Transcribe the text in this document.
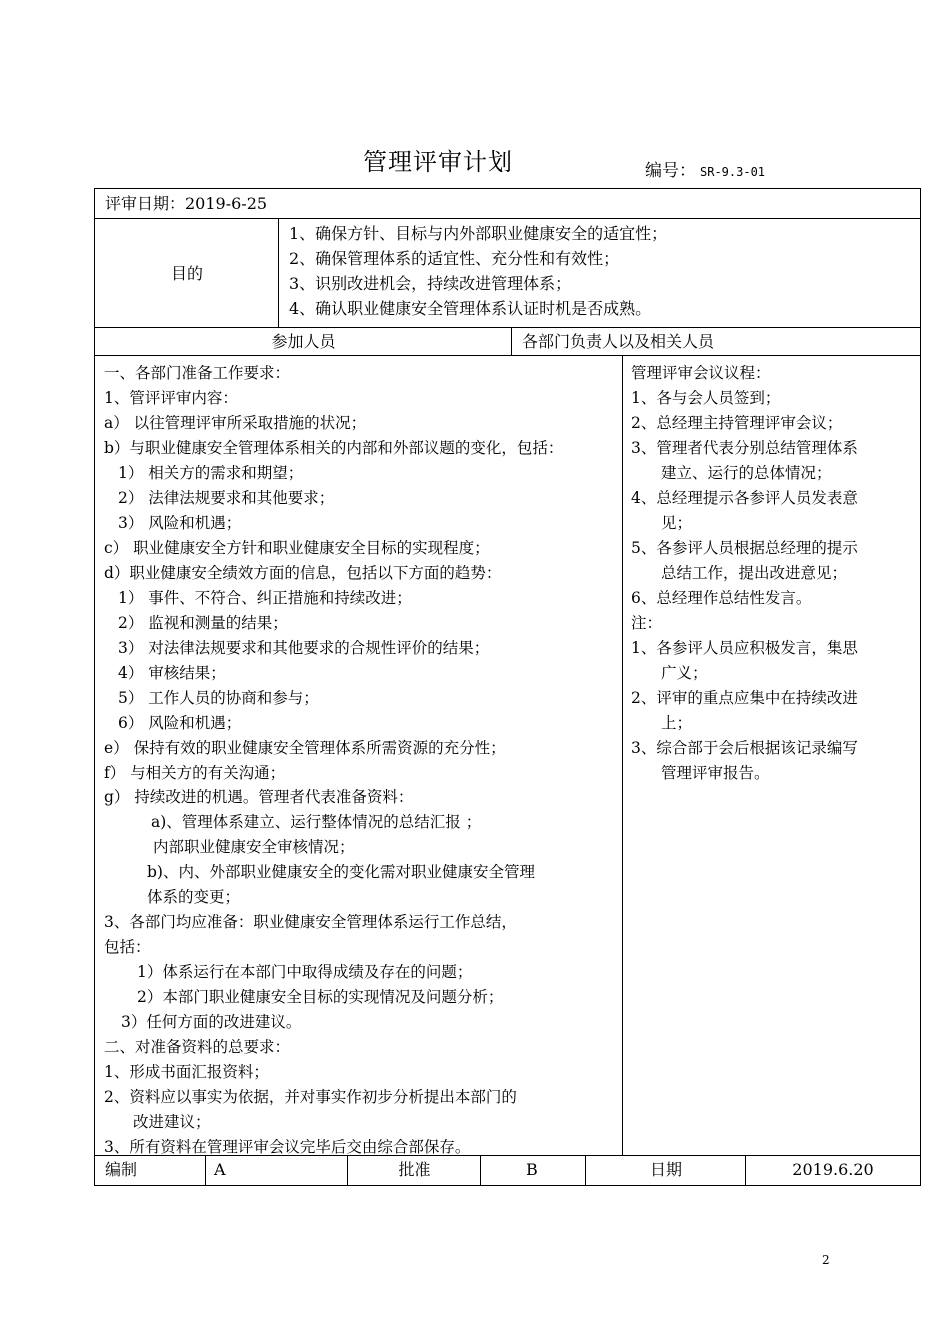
管理评审计划	编号： SR-9.3-01
评审日期：2019-6-25
目的
1、确保方针、目标与内外部职业健康安全的适宜性；
2、确保管理体系的适宜性、充分性和有效性；
3、识别改进机会，持续改进管理体系；
4、确认职业健康安全管理体系认证时机是否成熟。
参加人员	各部门负责人以及相关人员
一、各部门准备工作要求：
1、管评评审内容：
a） 以往管理评审所采取措施的状况；
b）与职业健康安全管理体系相关的内部和外部议题的变化，包括：
1） 相关方的需求和期望；
2） 法律法规要求和其他要求；
3） 风险和机遇；
c） 职业健康安全方针和职业健康安全目标的实现程度；
d）职业健康安全绩效方面的信息，包括以下方面的趋势：
1） 事件、不符合、纠正措施和持续改进；
2） 监视和测量的结果；
3） 对法律法规要求和其他要求的合规性评价的结果；
4） 审核结果；
5） 工作人员的协商和参与；
6） 风险和机遇；
e） 保持有效的职业健康安全管理体系所需资源的充分性；
f） 与相关方的有关沟通；
g） 持续改进的机遇。管理者代表准备资料：
a)、管理体系建立、运行整体情况的总结汇报 ；
内部职业健康安全审核情况；
b)、内、外部职业健康安全的变化需对职业健康安全管理
体系的变更；
3、各部门均应准备：职业健康安全管理体系运行工作总结，
包括：
1）体系运行在本部门中取得成绩及存在的问题；
2）本部门职业健康安全目标的实现情况及问题分析；
3）任何方面的改进建议。
二、对准备资料的总要求：
1、形成书面汇报资料；
2、资料应以事实为依据，并对事实作初步分析提出本部门的
改进建议；
3、所有资料在管理评审会议完毕后交由综合部保存。
管理评审会议议程：
1、各与会人员签到；
2、总经理主持管理评审会议；
3、管理者代表分别总结管理体系
建立、运行的总体情况；
4、总经理提示各参评人员发表意
见；
5、各参评人员根据总经理的提示
总结工作，提出改进意见；
6、总经理作总结性发言。
注：
1、各参评人员应积极发言，集思
广义；
2、评审的重点应集中在持续改进
上；
3、综合部于会后根据该记录编写
管理评审报告。
编制	A	批准	B	日期	2019.6.20
2
